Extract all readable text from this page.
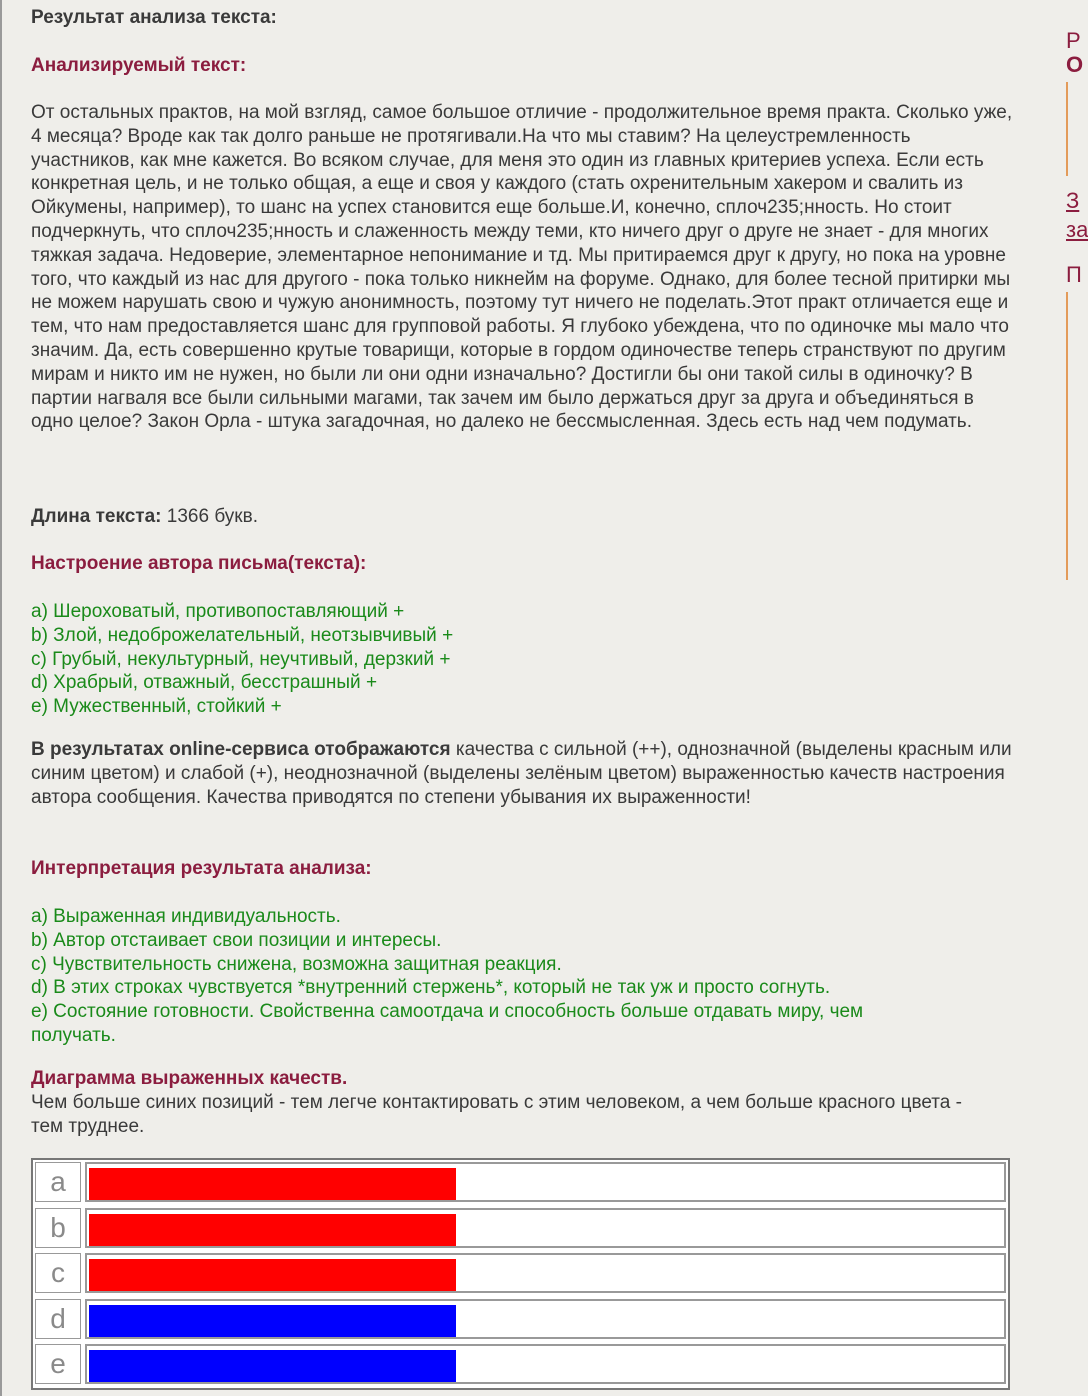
Результат анализа текста:

Анализируемый текст:

От остальных практов, на мой взгляд, самое большое отличие - продолжительное время практа. Сколько уже, 4 месяца? Вроде как так долго раньше не протягивали.На что мы ставим? На целеустремленность участников, как мне кажется. Во всяком случае, для меня это один из главных критериев успеха. Если есть конкретная цель, и не только общая, а еще и своя у каждого (стать охренительным хакером и свалить из Ойкумены, например), то шанс на успех становится еще больше.И, конечно, сплоч235;нность. Но стоит подчеркнуть, что сплоч235;нность и слаженность между теми, кто ничего друг о друге не знает - для многих тяжкая задача. Недоверие, элементарное непонимание и тд. Мы притираемся друг к другу, но пока на уровне того, что каждый из нас для другого - пока только никнейм на форуме. Однако, для более тесной притирки мы не можем нарушать свою и чужую анонимность, поэтому тут ничего не поделать.Этот практ отличается еще и тем, что нам предоставляется шанс для групповой работы. Я глубоко убеждена, что по одиночке мы мало что значим. Да, есть совершенно крутые товарищи, которые в гордом одиночестве теперь странствуют по другим мирам и никто им не нужен, но были ли они одни изначально? Достигли бы они такой силы в одиночку? В партии нагваля все были сильными магами, так зачем им было держаться друг за друга и объединяться в одно целое? Закон Орла - штука загадочная, но далеко не бессмысленная. Здесь есть над чем подумать.

Длина текста: 1366 букв.

Настроение автора письма(текста):

a) Шероховатый, противопоставляющий +

b) Злой, недоброжелательный, неотзывчивый +

c) Грубый, некультурный, неучтивый, дерзкий +

d) Храбрый, отважный, бесстрашный +

e) Мужественный, стойкий +

В результатах online-сервиса отображаются качества с сильной (++), однозначной (выделены красным или синим цветом) и слабой (+), неоднозначной (выделены зелёным цветом) выраженностью качеств настроения автора сообщения. Качества приводятся по степени убывания их выраженности!

Интерпретация результата анализа:

a) Выраженная индивидуальность.

b) Автор отстаивает свои позиции и интересы.

c) Чувствительность снижена, возможна защитная реакция.

d) В этих строках чувствуется *внутренний стержень*, который не так уж и просто согнуть.

e) Состояние готовности. Свойственна самоотдача и способность больше отдавать миру, чем получать.

Диаграмма выраженных качеств.

Чем больше синих позиций - тем легче контактировать с этим человеком, а чем больше красного цвета - тем труднее.

a
b
c
d
e
Р
О
З
за
П
